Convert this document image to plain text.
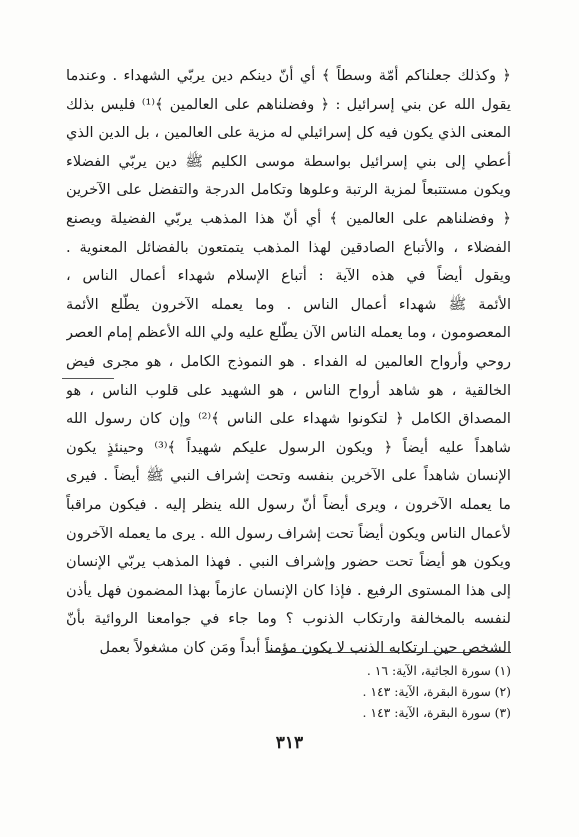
﴿ وكذلك جعلناكم أمّة وسطاً ﴾ أي أنّ دينكم دين يربّي الشهداء . وعندما
يقول الله عن بني إسرائيل : ﴿ وفضلناهم على العالمين ﴾⁽¹⁾ فليس بذلك
المعنى الذي يكون فيه كل إسرائيلي له مزية على العالمين ، بل الدين الذي
أعطي إلى بني إسرائيل بواسطة موسى الكليم ﷺ دين يربّي الفضلاء
ويكون مستتبعاً لمزية الرتبة وعلوها وتكامل الدرجة والتفضل على الآخرين
﴿ وفضلناهم على العالمين ﴾ أي أنّ هذا المذهب يربّي الفضيلة ويصنع
الفضلاء ، والأتباع الصادقين لهذا المذهب يتمتعون بالفضائل المعنوية .
ويقول أيضاً في هذه الآية : أتباع الإسلام شهداء أعمال الناس ،
الأئمة ﷺ شهداء أعمال الناس . وما يعمله الآخرون يطّلع الأئمة
المعصومون ، وما يعمله الناس الآن يطّلع عليه ولي الله الأعظم إمام العصر
روحي وأرواح العالمين له الفداء . هو النموذج الكامل ، هو مجرى فيض
الخالقية ، هو شاهد أرواح الناس ، هو الشهيد على قلوب الناس ، هو
المصداق الكامل ﴿ لتكونوا شهداء على الناس ﴾⁽²⁾ وإن كان رسول الله
شاهداً عليه أيضاً ﴿ ويكون الرسول عليكم شهيداً ﴾⁽³⁾ وحينئذٍ يكون
الإنسان شاهداً على الآخرين بنفسه وتحت إشراف النبي ﷺ أيضاً . فيرى
ما يعمله الآخرون ، ويرى أيضاً أنّ رسول الله ينظر إليه . فيكون مراقباً
لأعمال الناس ويكون أيضاً تحت إشراف رسول الله . يرى ما يعمله الآخرون
ويكون هو أيضاً تحت حضور وإشراف النبي . فهذا المذهب يربّي الإنسان
إلى هذا المستوى الرفيع . فإذا كان الإنسان عازماً بهذا المضمون فهل يأذن
لنفسه بالمخالفة وارتكاب الذنوب ؟ وما جاء في جوامعنا الروائية بأنّ
الشخص حين ارتكابه الذنب لا يكون مؤمناً أبداً ومَن كان مشغولاً بعمل
(١) سورة الجاثية، الآية: ١٦ .
(٢) سورة البقرة، الآية: ١٤٣ .
(٣) سورة البقرة، الآية: ١٤٣ .
٣١٣
